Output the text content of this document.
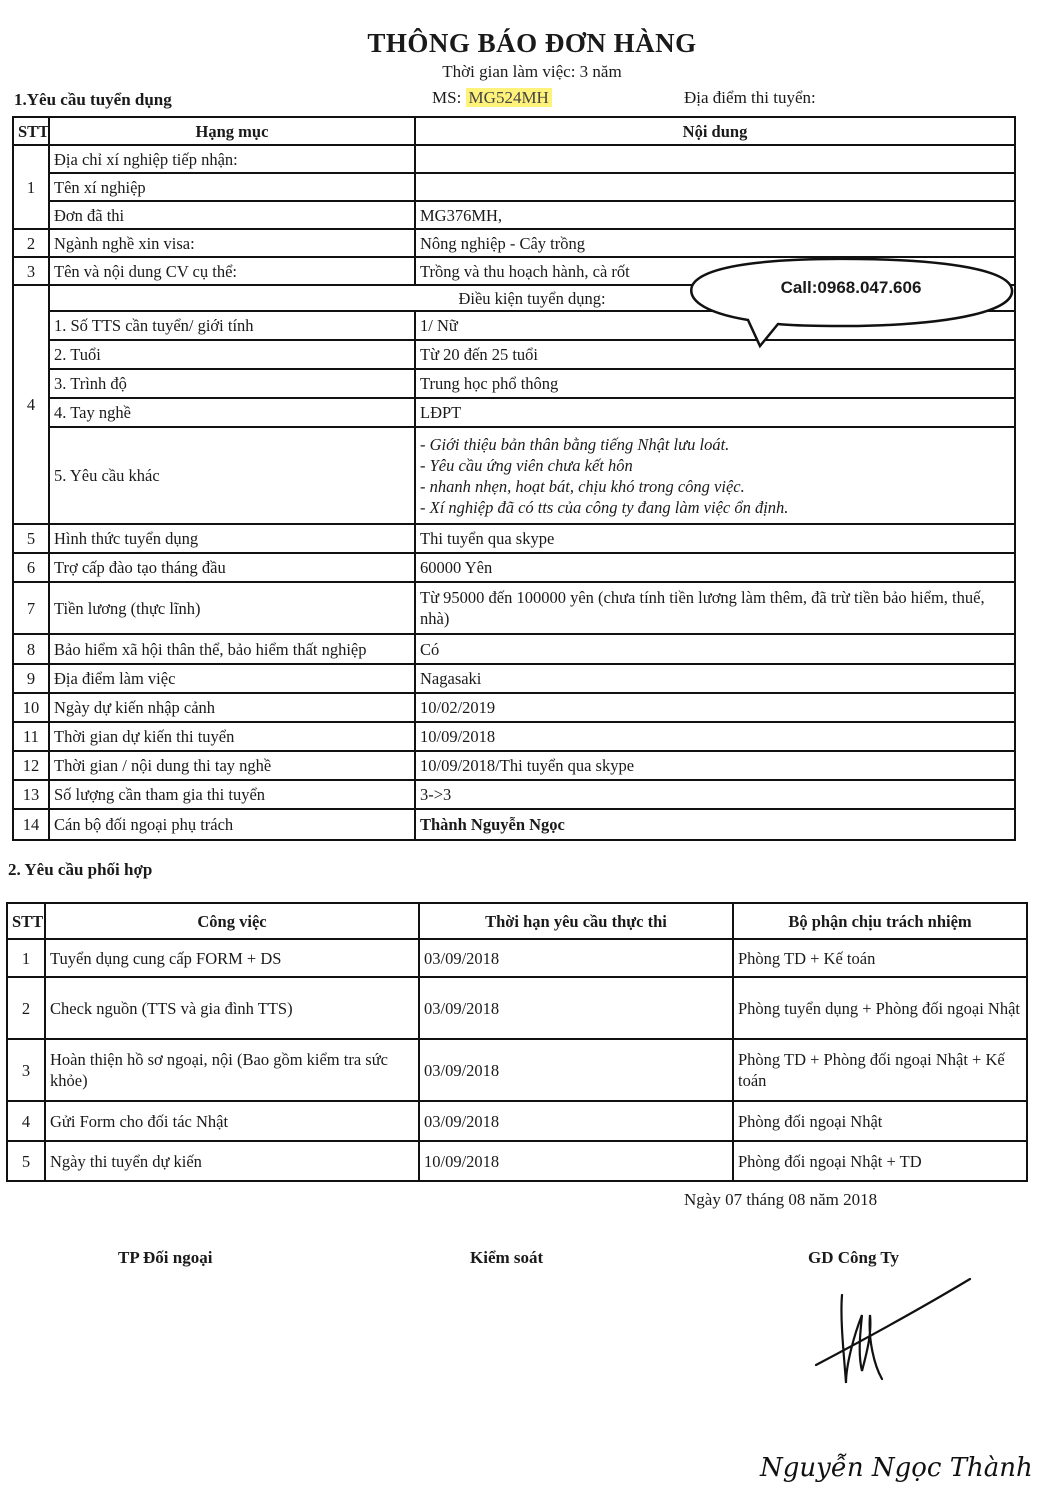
THÔNG BÁO ĐƠN HÀNG
Thời gian làm việc: 3 năm
1.Yêu cầu tuyển dụng	MS: MG524MH	Địa điểm thi tuyển:
STT	Hạng mục	Nội dung
1	Địa chỉ xí nghiệp tiếp nhận:	
	Tên xí nghiệp	
	Đơn đã thi	MG376MH,
2	Ngành nghề xin visa:	Nông nghiệp - Cây trồng
3	Tên và nội dung CV cụ thể:	Trồng và thu hoạch hành, cà rốt
4	Điều kiện tuyển dụng:	
	1. Số TTS cần tuyển/ giới tính	1/ Nữ
	2. Tuổi	Từ 20 đến 25 tuổi
	3. Trình độ	Trung học phổ thông
	4. Tay nghề	LĐPT
	5. Yêu cầu khác	- Giới thiệu bản thân bằng tiếng Nhật lưu loát.
- Yêu cầu ứng viên chưa kết hôn
- nhanh nhẹn, hoạt bát, chịu khó trong công việc.
- Xí nghiệp đã có tts của công ty đang làm việc ổn định.

5	Hình thức tuyển dụng	Thi tuyển qua skype
6	Trợ cấp đào tạo tháng đầu	60000 Yên
7	Tiền lương (thực lĩnh)	Từ 95000 đến 100000 yên (chưa tính tiền lương làm thêm, đã trừ tiền bảo hiểm, thuế, nhà)
8	Bảo hiểm xã hội thân thể, bảo hiểm thất nghiệp	Có
9	Địa điểm làm việc	Nagasaki
10	Ngày dự kiến nhập cảnh	10/02/2019
11	Thời gian dự kiến thi tuyển	10/09/2018
12	Thời gian / nội dung thi tay nghề	10/09/2018/Thi tuyển qua skype
13	Số lượng cần tham gia thi tuyển	3->3
14	Cán bộ đối ngoại phụ trách	Thành Nguyễn Ngọc
Call:0968.047.606
2. Yêu cầu phối hợp
STT	Công việc	Thời hạn yêu cầu thực thi	Bộ phận chịu trách nhiệm
1	Tuyển dụng cung cấp FORM + DS	03/09/2018	Phòng TD + Kế toán
2	Check nguồn (TTS và gia đình TTS)	03/09/2018	Phòng tuyển dụng + Phòng đối ngoại Nhật
3	Hoàn thiện hồ sơ ngoại, nội (Bao gồm kiểm tra sức khỏe)	03/09/2018	Phòng TD + Phòng đối ngoại Nhật + Kế toán
4	Gửi Form cho đối tác Nhật	03/09/2018	Phòng đối ngoại Nhật
5	Ngày thi tuyển dự kiến	10/09/2018	Phòng đối ngoại Nhật + TD
Ngày 07 tháng 08 năm 2018
TP Đối ngoại	Kiểm soát	GD Công Ty
Nguyễn Ngọc Thành
